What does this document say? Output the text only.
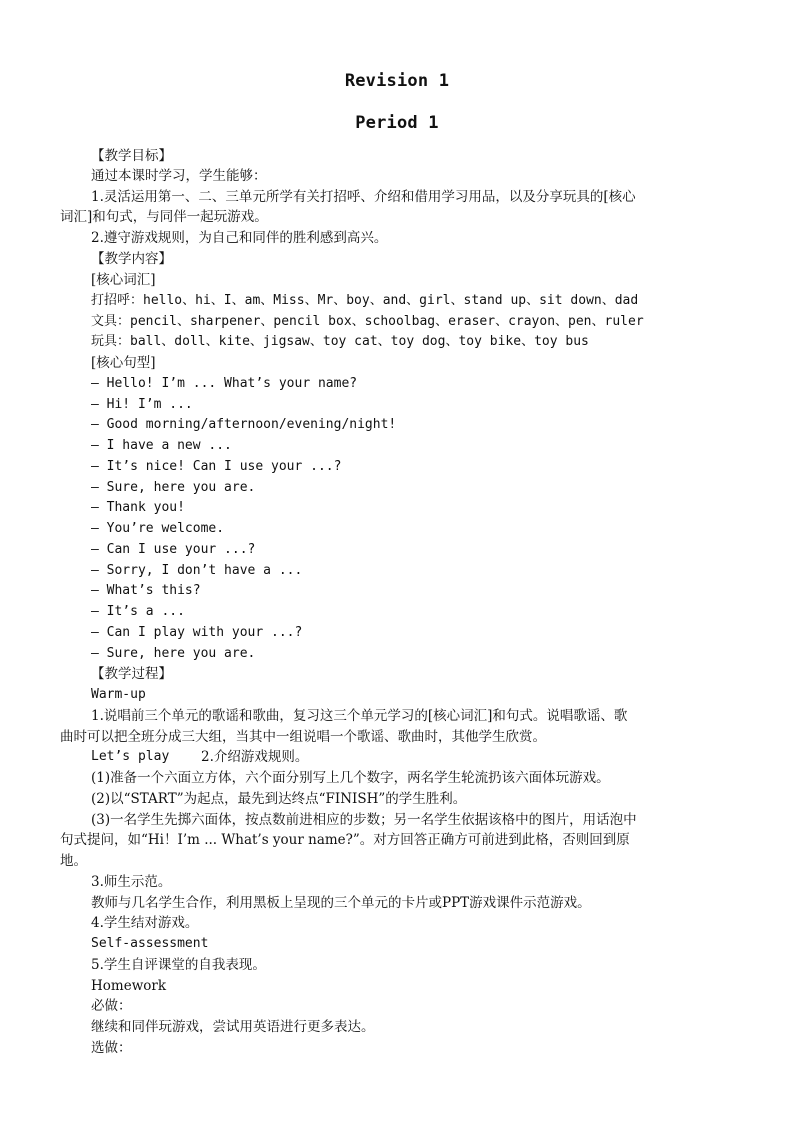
Revision 1
Period 1
【教学目标】
通过本课时学习，学生能够：
1.灵活运用第一、二、三单元所学有关打招呼、介绍和借用学习用品，以及分享玩具的[核心
词汇]和句式，与同伴一起玩游戏。
2.遵守游戏规则，为自己和同伴的胜利感到高兴。
【教学内容】
[核心词汇]
打招呼：hello、hi、I、am、Miss、Mr、boy、and、girl、stand up、sit down、dad
文具：pencil、sharpener、pencil box、schoolbag、eraser、crayon、pen、ruler
玩具：ball、doll、kite、jigsaw、toy cat、toy dog、toy bike、toy bus
[核心句型]
— Hello! I’m ... What’s your name?
— Hi! I’m ...
— Good morning/afternoon/evening/night!
— I have a new ...
— It’s nice! Can I use your ...?
— Sure, here you are.
— Thank you!
— You’re welcome.
— Can I use your ...?
— Sorry, I don’t have a ...
— What’s this?
— It’s a ...
— Can I play with your ...?
— Sure, here you are.
【教学过程】
Warm-up
1.说唱前三个单元的歌谣和歌曲，复习这三个单元学习的[核心词汇]和句式。说唱歌谣、歌
曲时可以把全班分成三大组，当其中一组说唱一个歌谣、歌曲时，其他学生欣赏。
Let’s play 2.介绍游戏规则。
(1)准备一个六面立方体，六个面分别写上几个数字，两名学生轮流扔该六面体玩游戏。
(2)以“START”为起点，最先到达终点“FINISH”的学生胜利。
(3)一名学生先掷六面体，按点数前进相应的步数；另一名学生依据该格中的图片，用话泡中
句式提问，如“Hi！I’m ... What’s your name?”。对方回答正确方可前进到此格，否则回到原
地。
3.师生示范。
教师与几名学生合作，利用黑板上呈现的三个单元的卡片或PPT游戏课件示范游戏。
4.学生结对游戏。
Self-assessment
5.学生自评课堂的自我表现。
Homework
必做：
继续和同伴玩游戏，尝试用英语进行更多表达。
选做：
